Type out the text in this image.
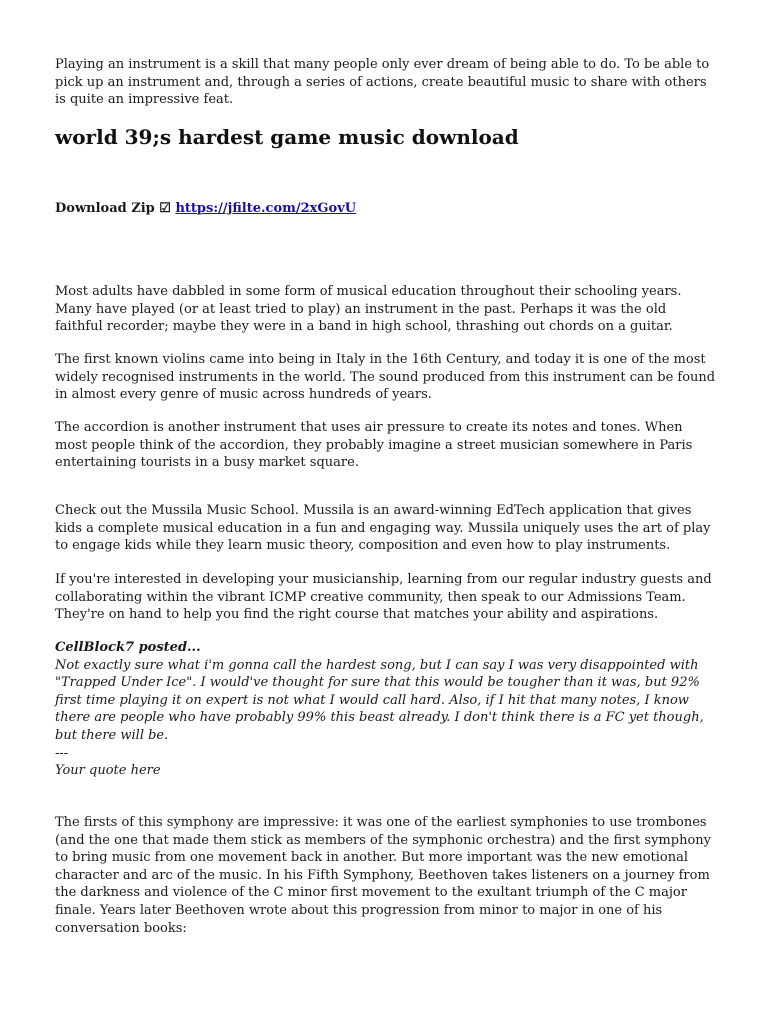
Playing an instrument is a skill that many people only ever dream of being able to do. To be able to pick up an instrument and, through a series of actions, create beautiful music to share with others is quite an impressive feat.

world 39;s hardest game music download

Download Zip ☑ https://jfilte.com/2xGovU

Most adults have dabbled in some form of musical education throughout their schooling years. Many have played (or at least tried to play) an instrument in the past. Perhaps it was the old faithful recorder; maybe they were in a band in high school, thrashing out chords on a guitar.

The first known violins came into being in Italy in the 16th Century, and today it is one of the most widely recognised instruments in the world. The sound produced from this instrument can be found in almost every genre of music across hundreds of years.

The accordion is another instrument that uses air pressure to create its notes and tones. When most people think of the accordion, they probably imagine a street musician somewhere in Paris entertaining tourists in a busy market square.

Check out the Mussila Music School. Mussila is an award-winning EdTech application that gives kids a complete musical education in a fun and engaging way. Mussila uniquely uses the art of play to engage kids while they learn music theory, composition and even how to play instruments.

If you're interested in developing your musicianship, learning from our regular industry guests and collaborating within the vibrant ICMP creative community, then speak to our Admissions Team. They're on hand to help you find the right course that matches your ability and aspirations.

CellBlock7 posted...
Not exactly sure what i'm gonna call the hardest song, but I can say I was very disappointed with "Trapped Under Ice". I would've thought for sure that this would be tougher than it was, but 92% first time playing it on expert is not what I would call hard. Also, if I hit that many notes, I know there are people who have probably 99% this beast already. I don't think there is a FC yet though, but there will be.
---
Your quote here

The firsts of this symphony are impressive: it was one of the earliest symphonies to use trombones (and the one that made them stick as members of the symphonic orchestra) and the first symphony to bring music from one movement back in another. But more important was the new emotional character and arc of the music. In his Fifth Symphony, Beethoven takes listeners on a journey from the darkness and violence of the C minor first movement to the exultant triumph of the C major finale. Years later Beethoven wrote about this progression from minor to major in one of his conversation books:
